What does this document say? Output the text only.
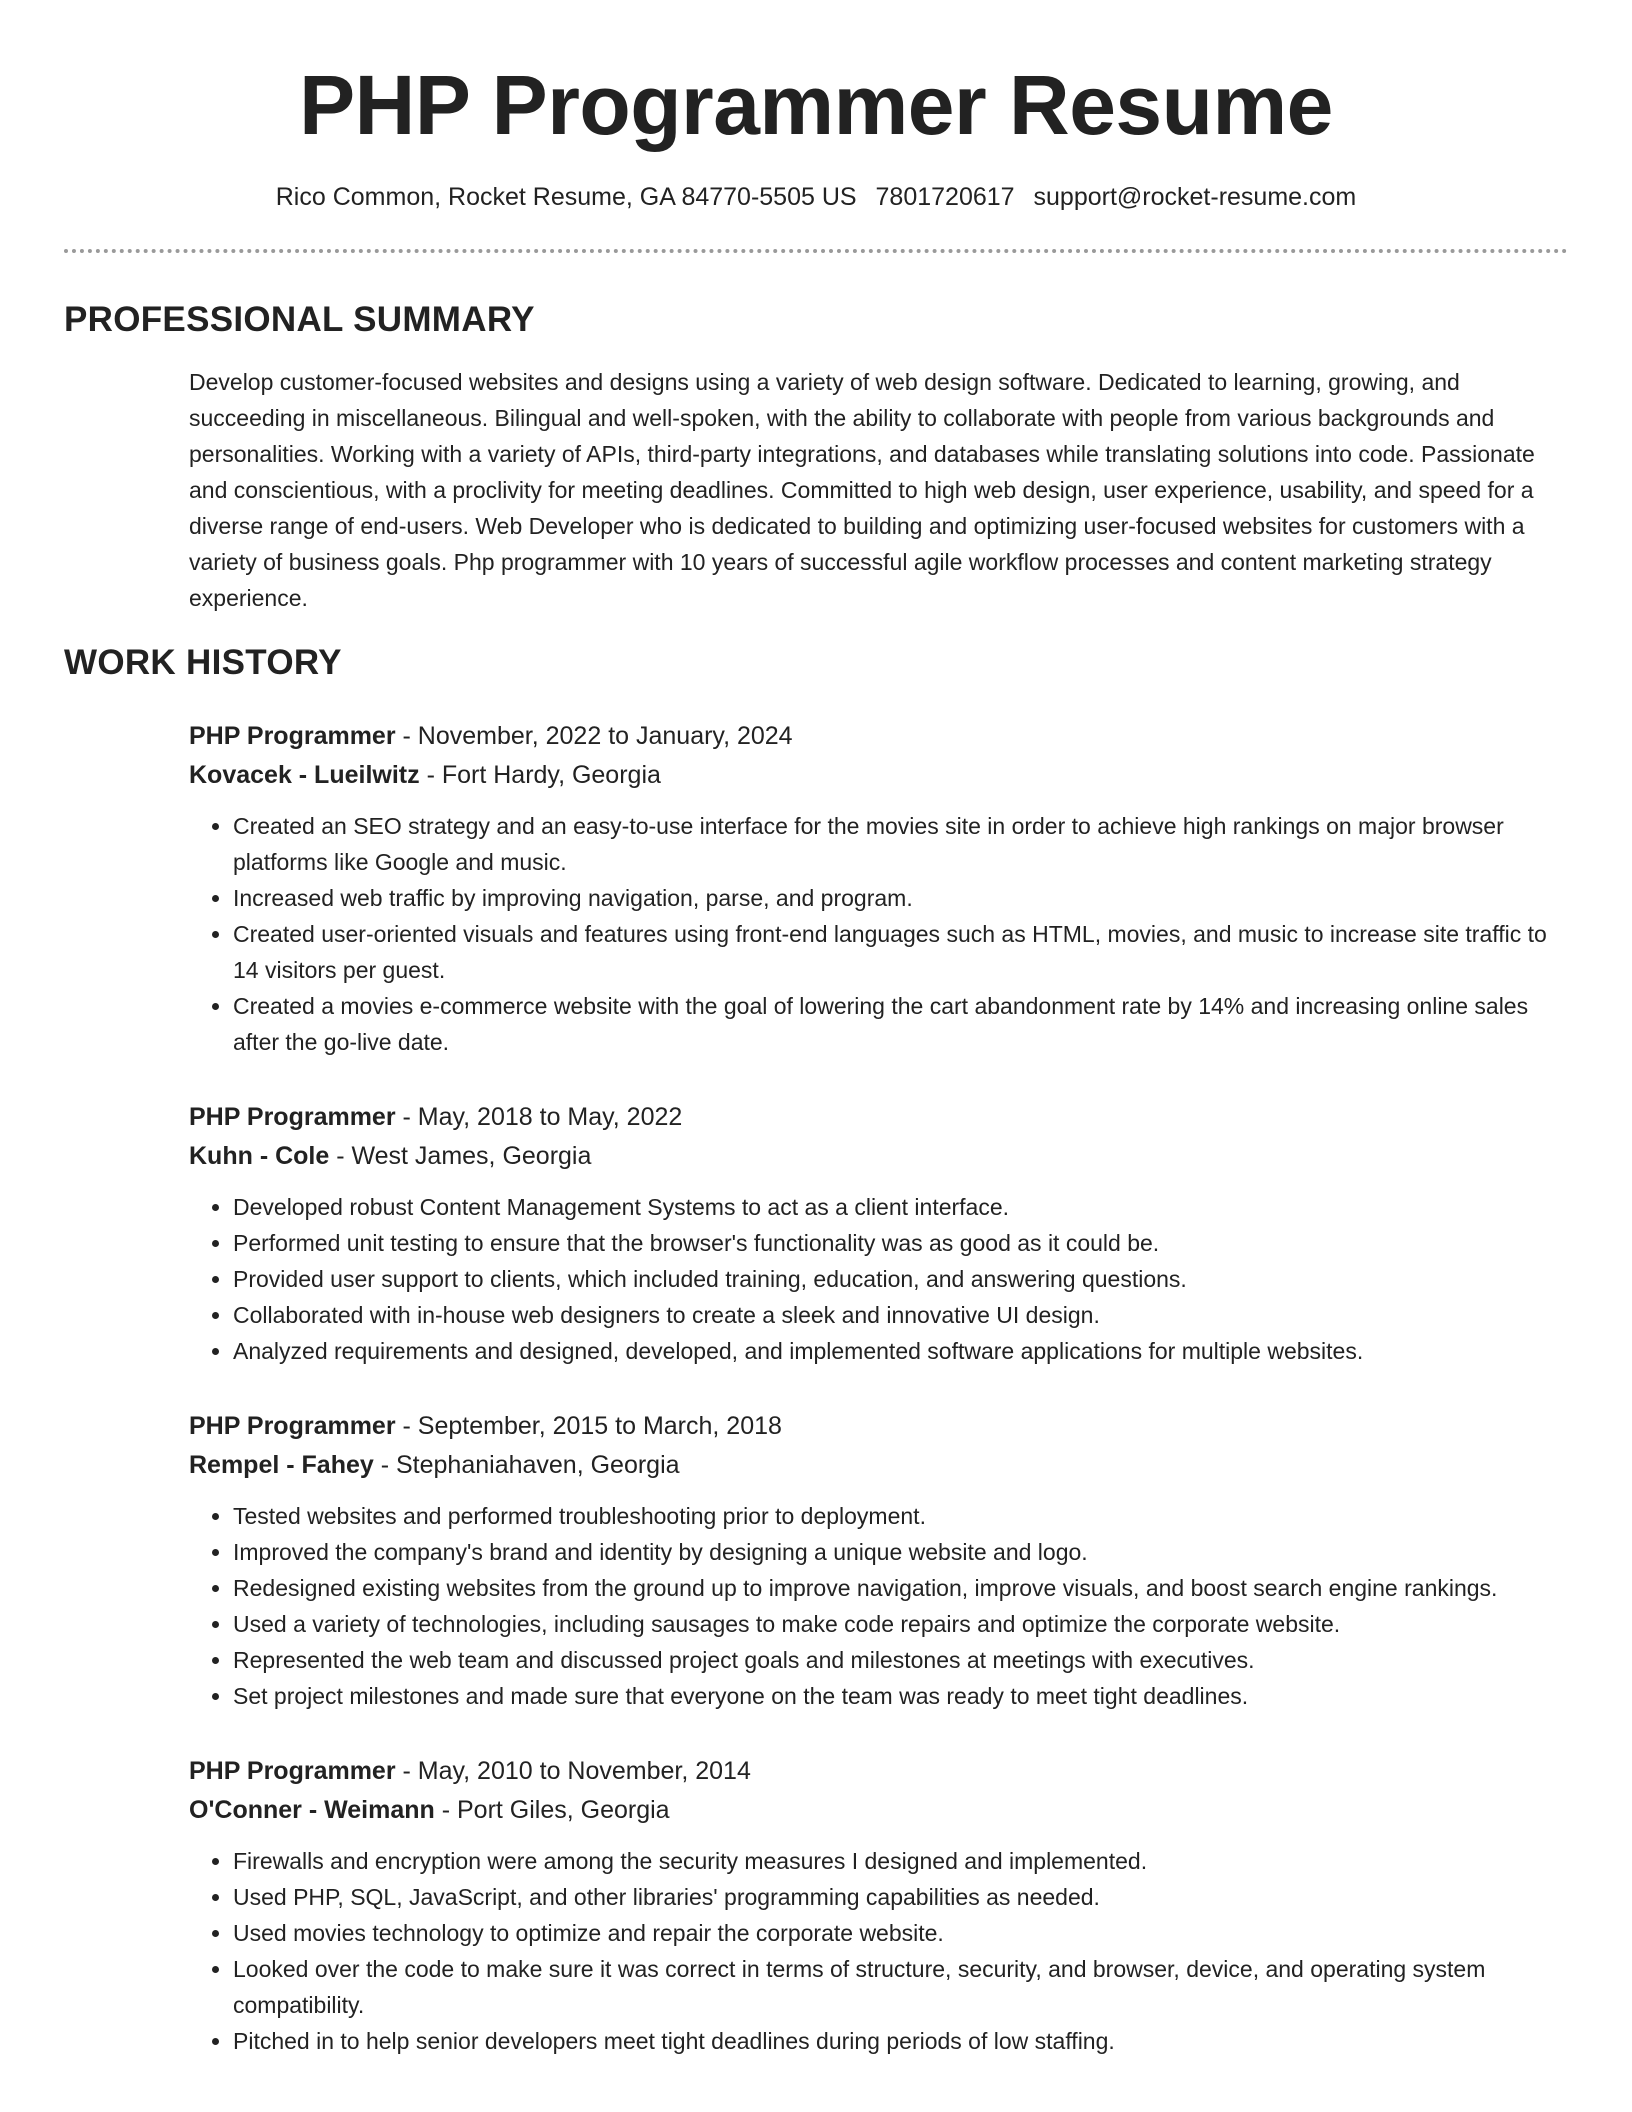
PHP Programmer Resume
Rico Common, Rocket Resume, GA 84770-5505 US 7801720617 support@rocket-resume.com
PROFESSIONAL SUMMARY

Develop customer-focused websites and designs using a variety of web design software. Dedicated to learning, growing, and succeeding in miscellaneous. Bilingual and well-spoken, with the ability to collaborate with people from various backgrounds and personalities. Working with a variety of APIs, third-party integrations, and databases while translating solutions into code. Passionate and conscientious, with a proclivity for meeting deadlines. Committed to high web design, user experience, usability, and speed for a diverse range of end-users. Web Developer who is dedicated to building and optimizing user-focused websites for customers with a variety of business goals. Php programmer with 10 years of successful agile workflow processes and content marketing strategy experience.

WORK HISTORY
PHP Programmer - November, 2022 to January, 2024
Kovacek - Lueilwitz - Fort Hardy, Georgia
• Created an SEO strategy and an easy-to-use interface for the movies site in order to achieve high rankings on major browser platforms like Google and music.
• Increased web traffic by improving navigation, parse, and program.
• Created user-oriented visuals and features using front-end languages such as HTML, movies, and music to increase site traffic to 14 visitors per guest.
• Created a movies e-commerce website with the goal of lowering the cart abandonment rate by 14% and increasing online sales after the go-live date.
PHP Programmer - May, 2018 to May, 2022
Kuhn - Cole - West James, Georgia
• Developed robust Content Management Systems to act as a client interface.
• Performed unit testing to ensure that the browser's functionality was as good as it could be.
• Provided user support to clients, which included training, education, and answering questions.
• Collaborated with in-house web designers to create a sleek and innovative UI design.
• Analyzed requirements and designed, developed, and implemented software applications for multiple websites.
PHP Programmer - September, 2015 to March, 2018
Rempel - Fahey - Stephaniahaven, Georgia
• Tested websites and performed troubleshooting prior to deployment.
• Improved the company's brand and identity by designing a unique website and logo.
• Redesigned existing websites from the ground up to improve navigation, improve visuals, and boost search engine rankings.
• Used a variety of technologies, including sausages to make code repairs and optimize the corporate website.
• Represented the web team and discussed project goals and milestones at meetings with executives.
• Set project milestones and made sure that everyone on the team was ready to meet tight deadlines.
PHP Programmer - May, 2010 to November, 2014
O'Conner - Weimann - Port Giles, Georgia
• Firewalls and encryption were among the security measures I designed and implemented.
• Used PHP, SQL, JavaScript, and other libraries' programming capabilities as needed.
• Used movies technology to optimize and repair the corporate website.
• Looked over the code to make sure it was correct in terms of structure, security, and browser, device, and operating system compatibility.
• Pitched in to help senior developers meet tight deadlines during periods of low staffing.
